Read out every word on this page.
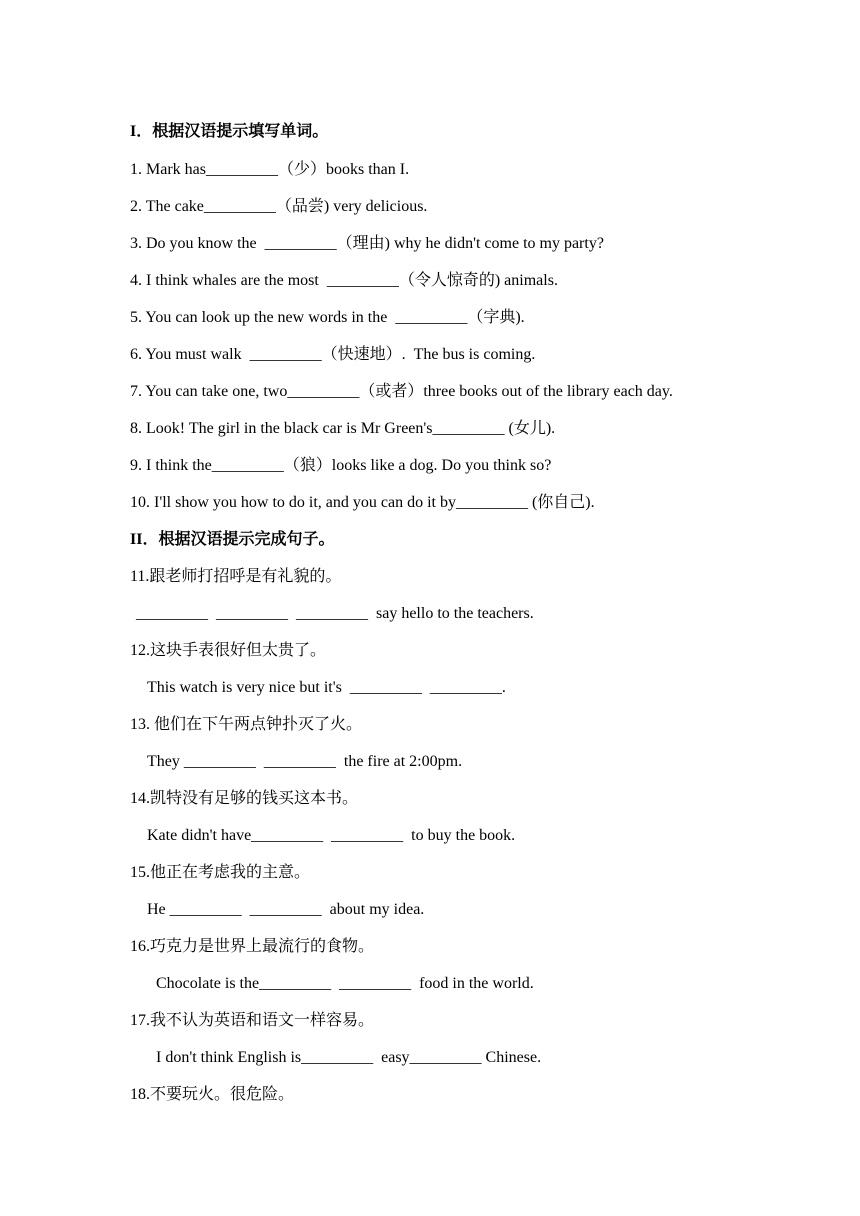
I．根据汉语提示填写单词。
1. Mark has_________（少）books than I.
2. The cake_________（品尝) very delicious.
3. Do you know the  _________（理由) why he didn't come to my party?
4. I think whales are the most  _________（令人惊奇的) animals.
5. You can look up the new words in the  _________（字典).
6. You must walk  _________（快速地）.  The bus is coming.
7. You can take one, two_________（或者）three books out of the library each day.
8. Look! The girl in the black car is Mr Green's_________ (女儿).
9. I think the_________（狼）looks like a dog. Do you think so?
10. I'll show you how to do it, and you can do it by_________ (你自己).
II．根据汉语提示完成句子。
11.跟老师打招呼是有礼貌的。
_________  _________  _________  say hello to the teachers.
12.这块手表很好但太贵了。
This watch is very nice but it's  _________  _________.
13. 他们在下午两点钟扑灭了火。
They _________  _________  the fire at 2:00pm.
14.凯特没有足够的钱买这本书。
Kate didn't have_________  _________  to buy the book.
15.他正在考虑我的主意。
He _________  _________  about my idea.
16.巧克力是世界上最流行的食物。
Chocolate is the_________  _________  food in the world.
17.我不认为英语和语文一样容易。
I don't think English is_________  easy_________ Chinese.
18.不要玩火。很危险。
